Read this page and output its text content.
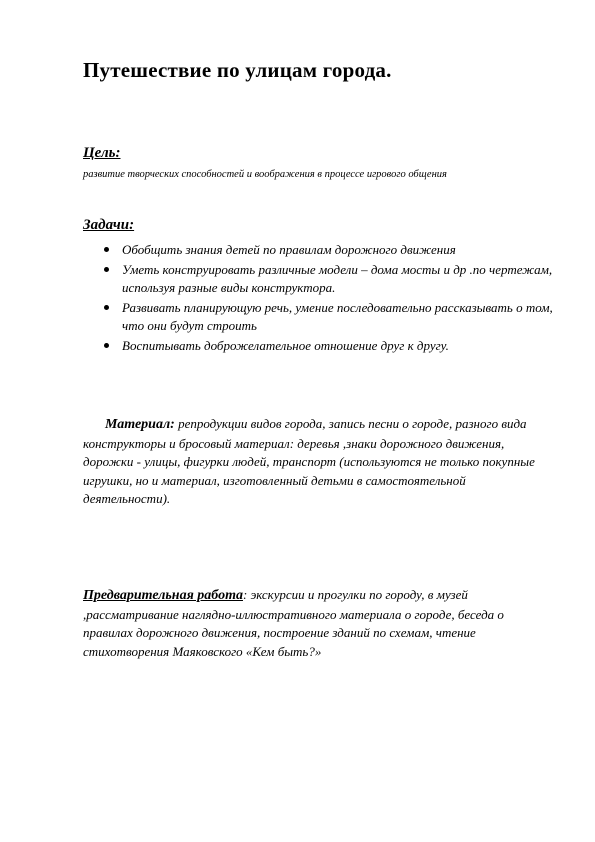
Путешествие по улицам города.
Цель:
развитие творческих способностей и воображения в процессе игрового общения
Задачи:
Обобщить знания детей по правилам дорожного движения
Уметь конструировать различные модели – дома мосты и др .по чертежам, используя разные виды конструктора.
Развивать планирующую речь, умение последовательно рассказывать о том, что они будут строить
Воспитывать доброжелательное отношение друг к другу.

Материал: репродукции видов города, запись песни о городе, разного вида конструкторы и бросовый материал: деревья ,знаки дорожного движения, дорожки - улицы, фигурки людей, транспорт (используются не только покупные игрушки, но и материал, изготовленный детьми в самостоятельной деятельности).

Предварительная работа: экскурсии и прогулки по городу, в музей ,рассматривание наглядно-иллюстративного материала о городе, беседа о правилах дорожного движения, построение зданий по схемам, чтение стихотворения Маяковского «Кем быть?»
